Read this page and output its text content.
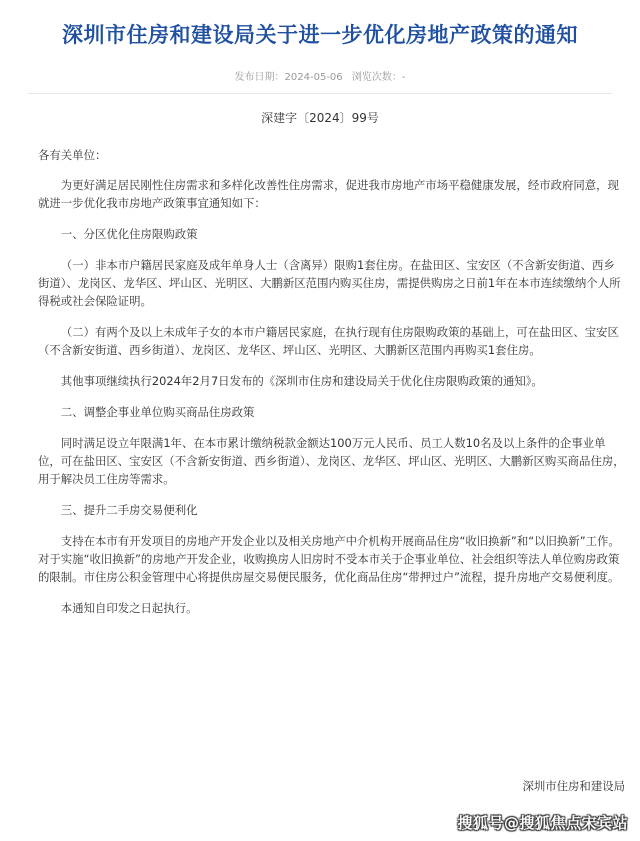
深圳市住房和建设局关于进一步优化房地产政策的通知
发布日期：2024-05-06 浏览次数：-
深建字〔2024〕99号

各有关单位：

为更好满足居民刚性住房需求和多样化改善性住房需求，促进我市房地产市场平稳健康发展，经市政府同意，现就进一步优化我市房地产政策事宜通知如下：

一、分区优化住房限购政策

（一）非本市户籍居民家庭及成年单身人士（含离异）限购1套住房。在盐田区、宝安区（不含新安街道、西乡街道）、龙岗区、龙华区、坪山区、光明区、大鹏新区范围内购买住房，需提供购房之日前1年在本市连续缴纳个人所得税或社会保险证明。

（二）有两个及以上未成年子女的本市户籍居民家庭，在执行现有住房限购政策的基础上，可在盐田区、宝安区（不含新安街道、西乡街道）、龙岗区、龙华区、坪山区、光明区、大鹏新区范围内再购买1套住房。

其他事项继续执行2024年2月7日发布的《深圳市住房和建设局关于优化住房限购政策的通知》。

二、调整企事业单位购买商品住房政策

同时满足设立年限满1年、在本市累计缴纳税款金额达100万元人民币、员工人数10名及以上条件的企事业单位，可在盐田区、宝安区（不含新安街道、西乡街道）、龙岗区、龙华区、坪山区、光明区、大鹏新区购买商品住房，用于解决员工住房等需求。

三、提升二手房交易便利化

支持在本市有开发项目的房地产开发企业以及相关房地产中介机构开展商品住房“收旧换新”和“以旧换新”工作。对于实施“收旧换新”的房地产开发企业，收购换房人旧房时不受本市关于企事业单位、社会组织等法人单位购房政策的限制。市住房公积金管理中心将提供房屋交易便民服务，优化商品住房“带押过户”流程，提升房地产交易便利度。

本通知自印发之日起执行。

深圳市住房和建设局
搜狐号@搜狐焦点宋宾站
